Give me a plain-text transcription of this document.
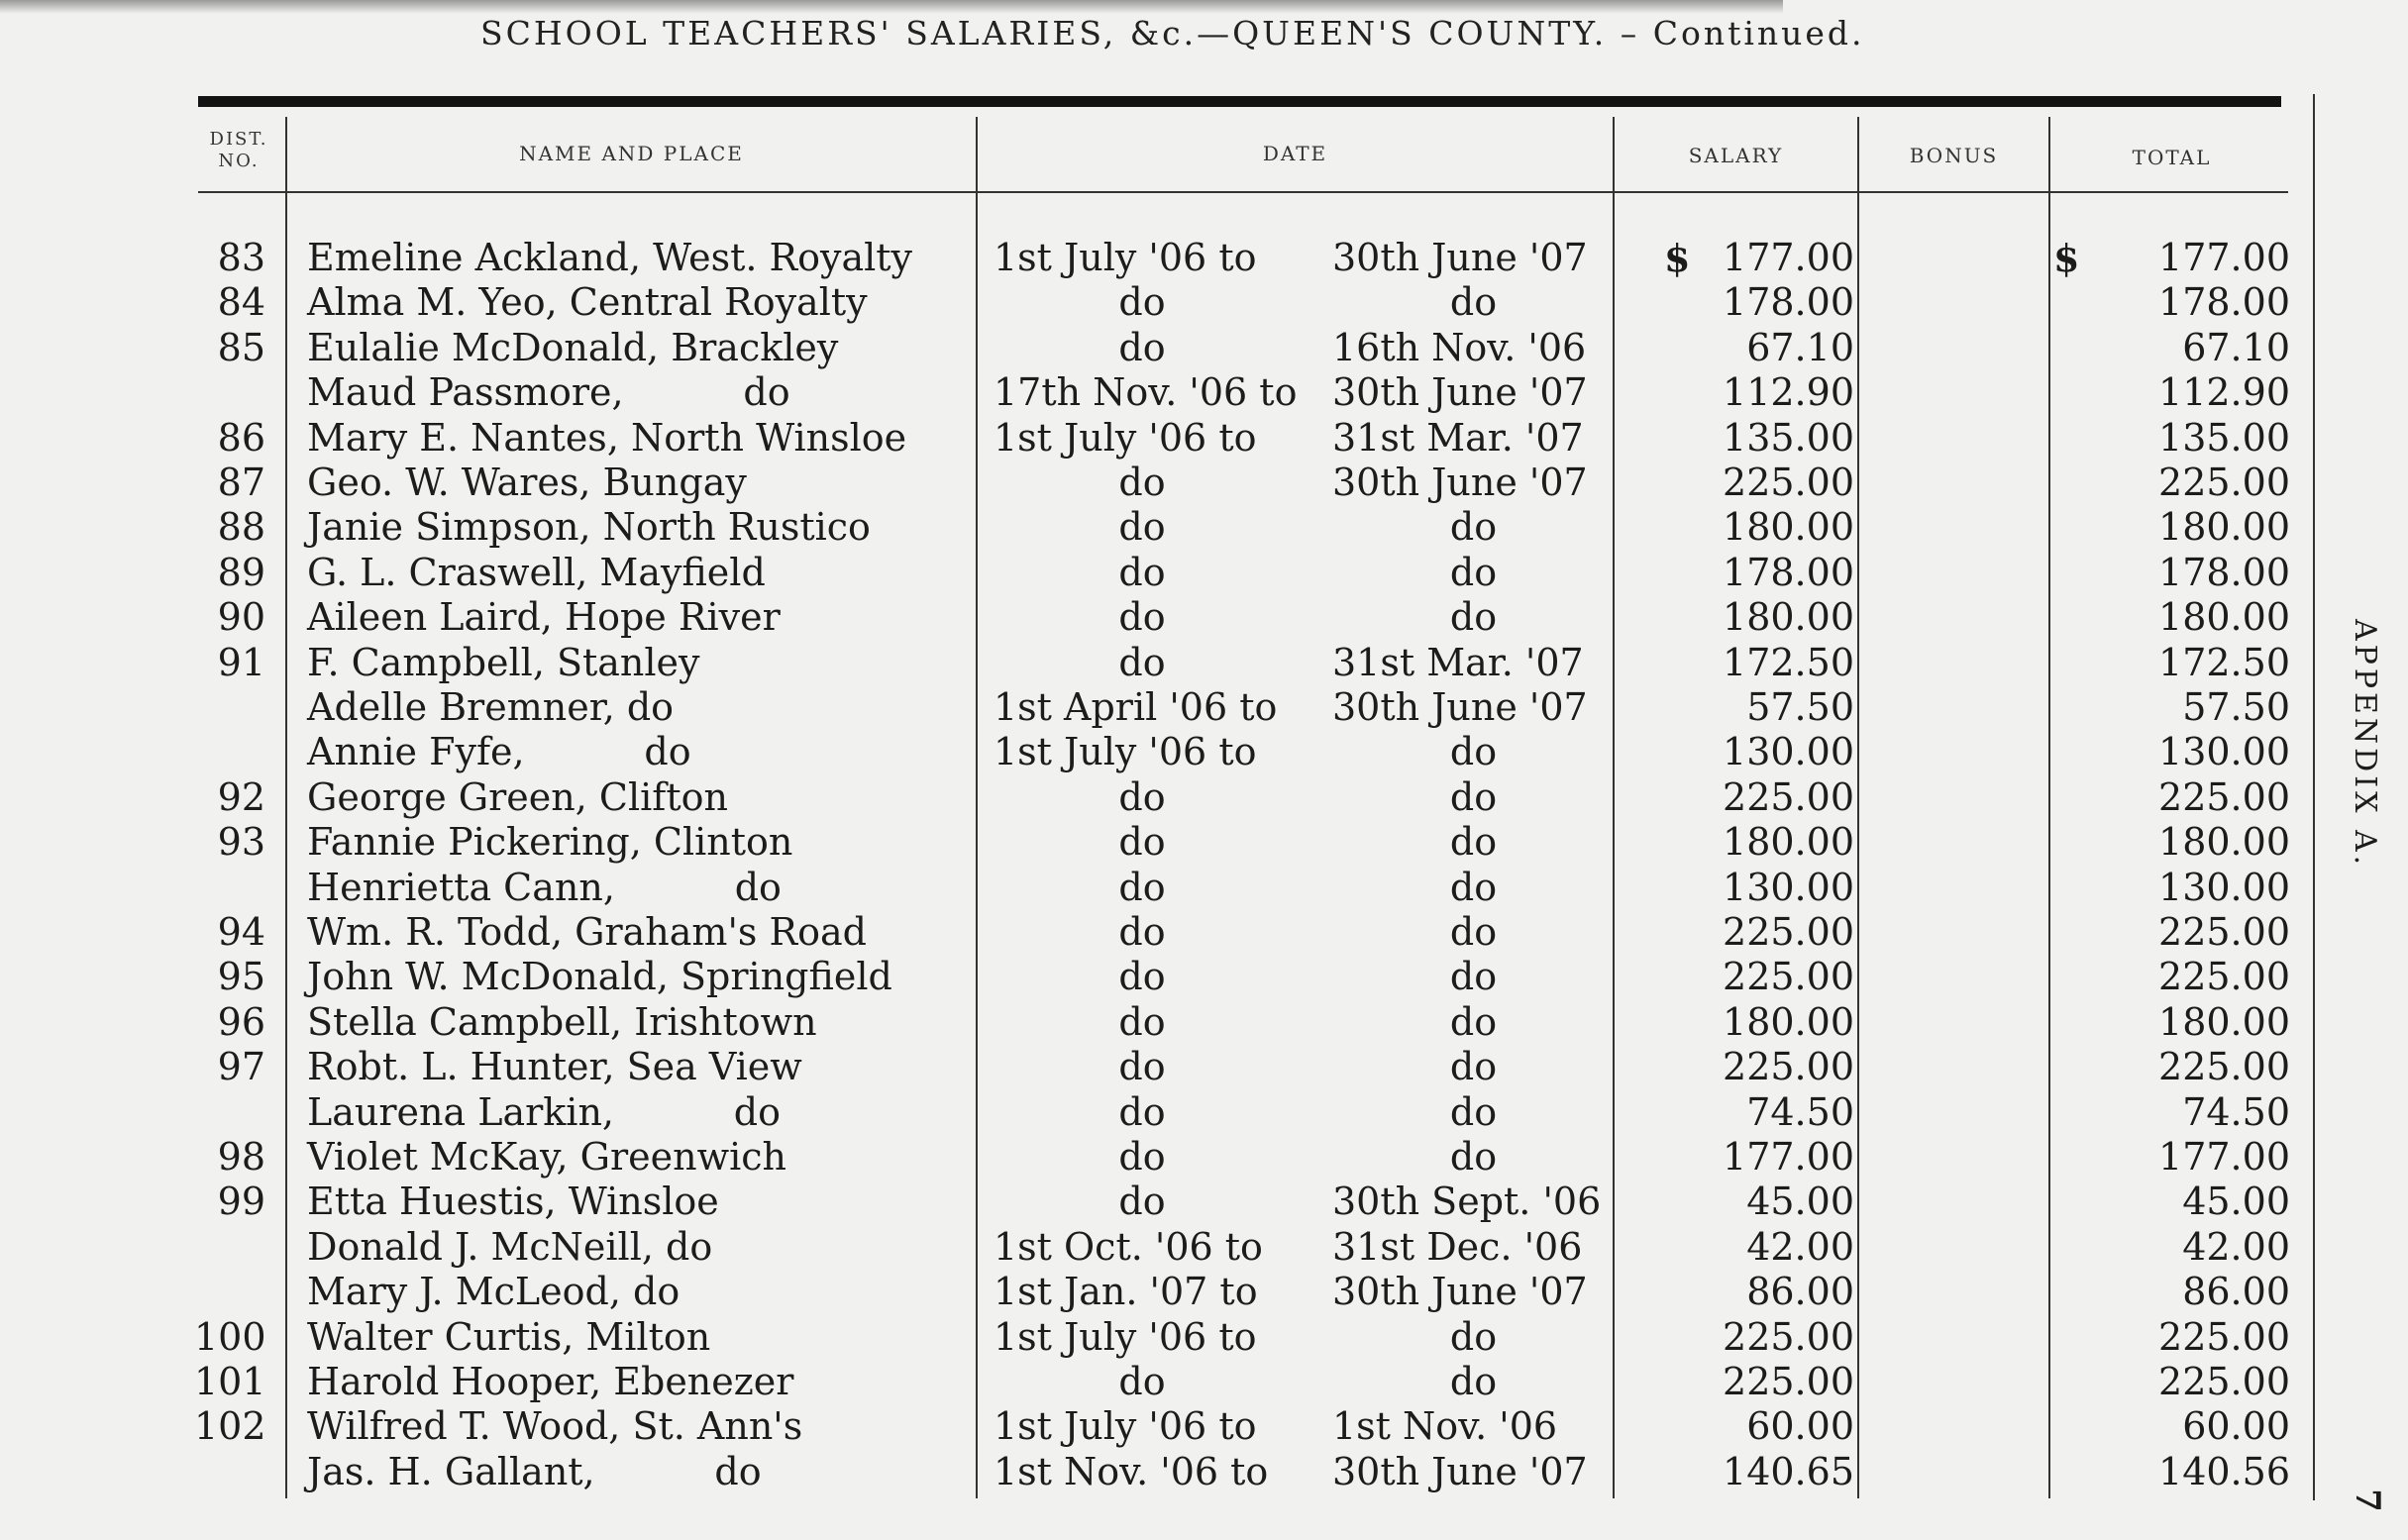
SCHOOL TEACHERS' SALARIES, &c.—QUEEN'S COUNTY. – Continued.
DIST. NO.	NAME AND PLACE	DATE	SALARY	BONUS	TOTAL
$	$
83 Emeline Ackland, West. Royalty	1st July '06 to	30th June '07	177.00	177.00
84 Alma M. Yeo, Central Royalty	do	do	178.00	178.00
85 Eulalie McDonald, Brackley	do	16th Nov. '06	67.10	67.10
Maud Passmore,          do	17th Nov. '06 to 30th June '07	112.90	112.90
86 Mary E. Nantes, North Winsloe	1st July '06 to	31st Mar. '07	135.00	135.00
87 Geo. W. Wares, Bungay	do	30th June '07	225.00	225.00
88 Janie Simpson, North Rustico	do	do	180.00	180.00
89 G. L. Craswell, Mayfield	do	do	178.00	178.00
90 Aileen Laird, Hope River	do	do	180.00	180.00
91 F. Campbell, Stanley	do	31st Mar. '07	172.50	172.50
Adelle Bremner, do	1st April '06 to	30th June '07	57.50	57.50
Annie Fyfe,          do	1st July '06 to	do	130.00	130.00
92 George Green, Clifton	do	do	225.00	225.00
93 Fannie Pickering, Clinton	do	do	180.00	180.00
Henrietta Cann,          do	do	do	130.00	130.00
94 Wm. R. Todd, Graham's Road	do	do	225.00	225.00
95 John W. McDonald, Springfield	do	do	225.00	225.00
96 Stella Campbell, Irishtown	do	do	180.00	180.00
97 Robt. L. Hunter, Sea View	do	do	225.00	225.00
Laurena Larkin,          do	do	do	74.50	74.50
98 Violet McKay, Greenwich	do	do	177.00	177.00
99 Etta Huestis, Winsloe	do	30th Sept. '06	45.00	45.00
Donald J. McNeill, do	1st Oct. '06 to	31st Dec. '06	42.00	42.00
Mary J. McLeod, do	1st Jan. '07 to	30th June '07	86.00	86.00
100 Walter Curtis, Milton	1st July '06 to	do	225.00	225.00
101 Harold Hooper, Ebenezer	do	do	225.00	225.00
102 Wilfred T. Wood, St. Ann's	1st July '06 to	1st Nov. '06	60.00	60.00
Jas. H. Gallant,          do	1st Nov. '06 to	30th June '07	140.65	140.56
APPENDIX A.
7
